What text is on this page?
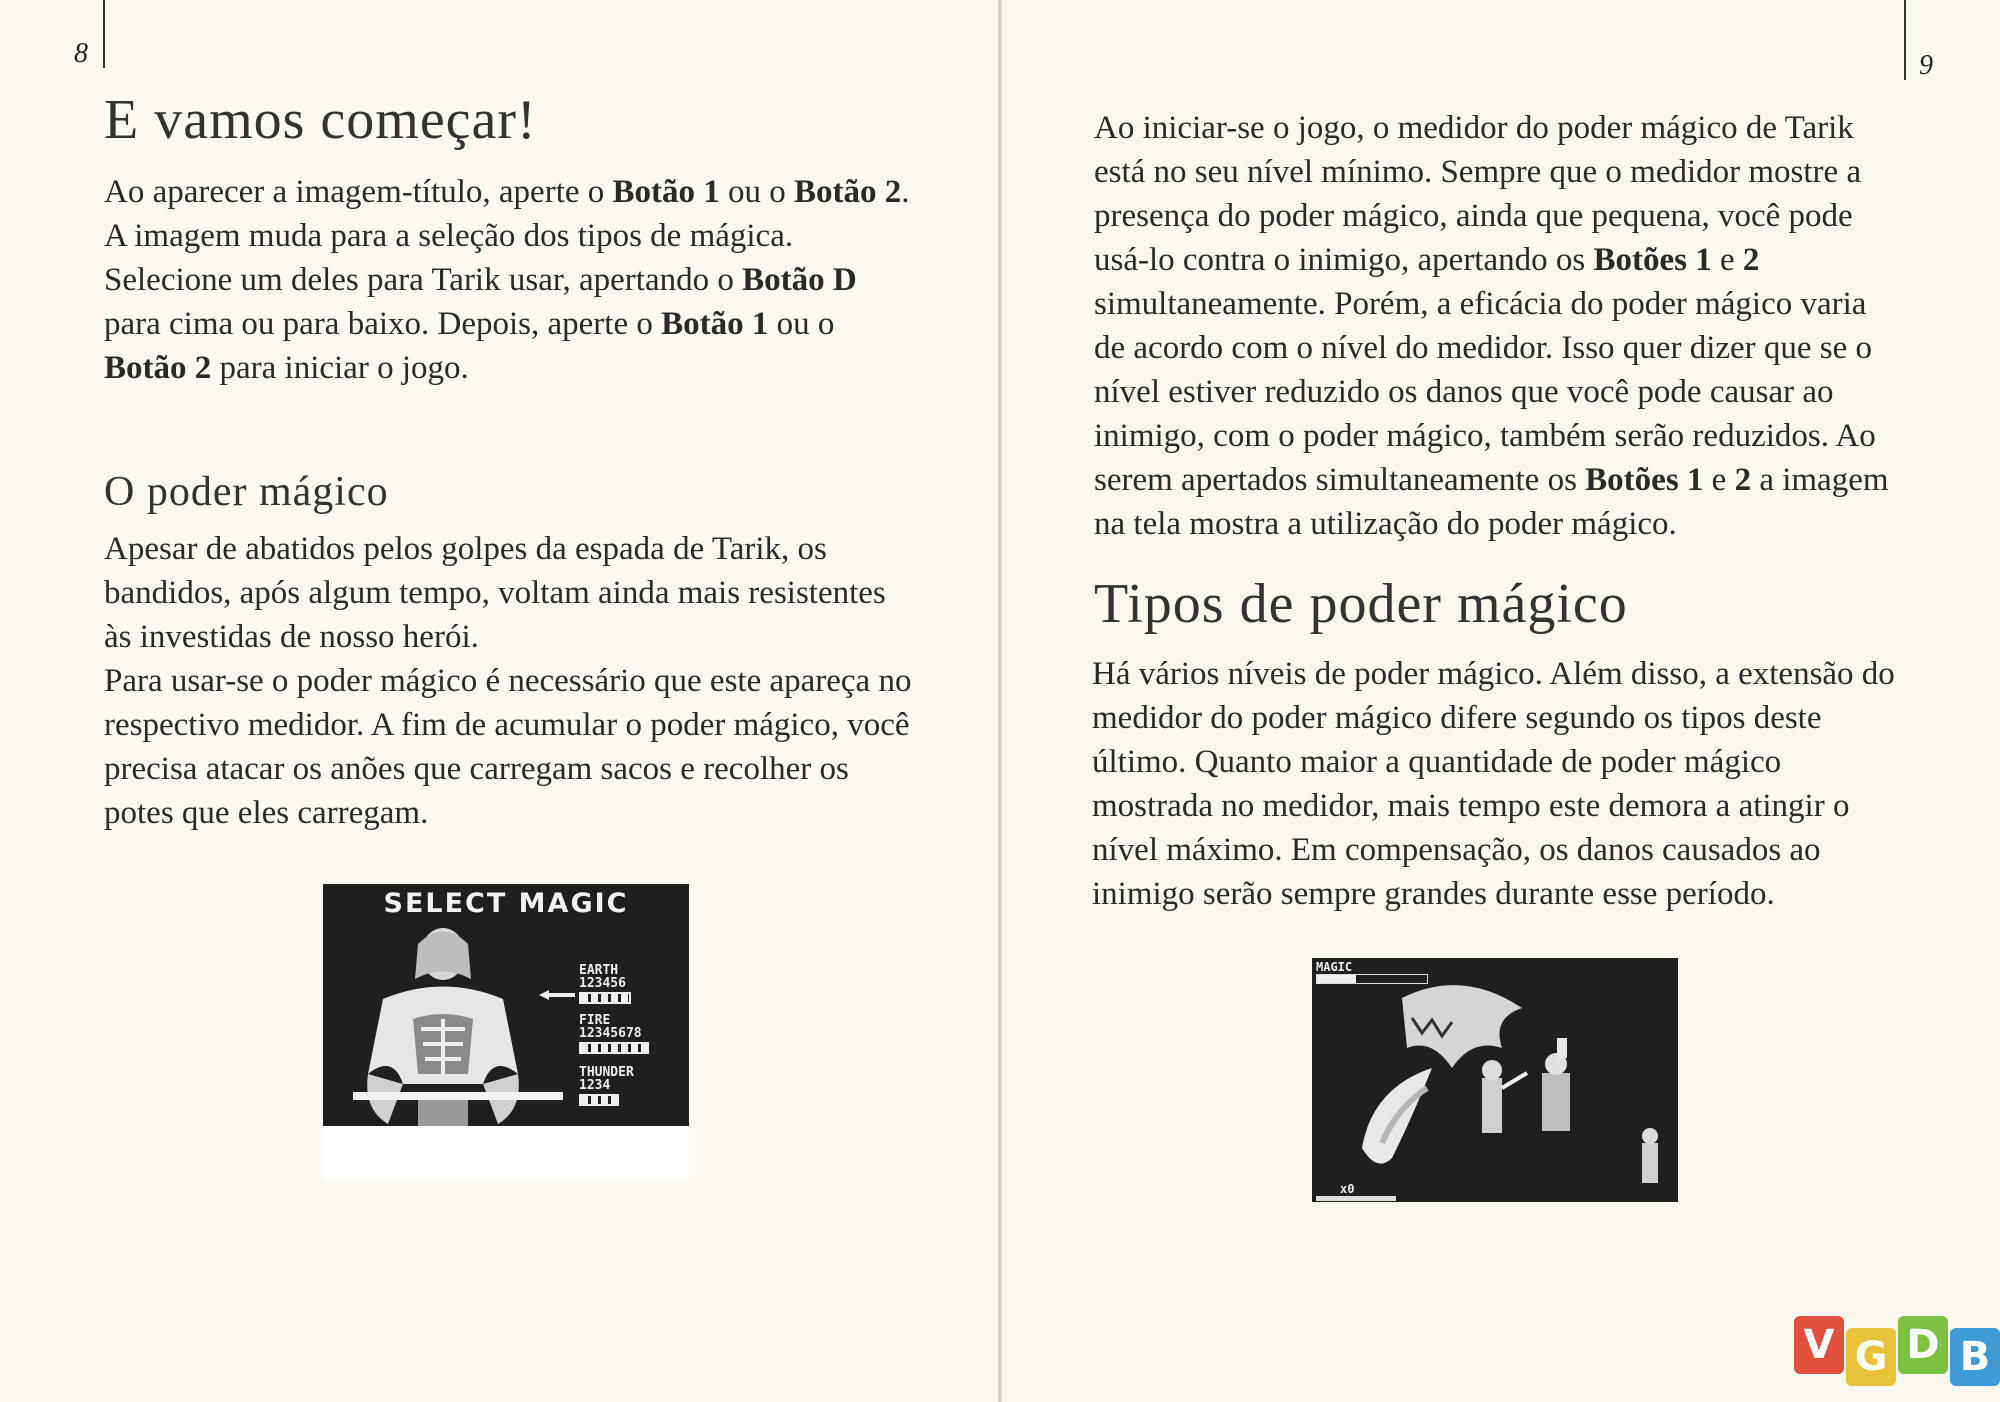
8
E vamos começar!

Ao aparecer a imagem-título, aperte o Botão 1 ou o Botão 2. A imagem muda para a seleção dos tipos de mágica. Selecione um deles para Tarik usar, apertando o Botão D para cima ou para baixo. Depois, aperte o Botão 1 ou o Botão 2 para iniciar o jogo.

O poder mágico

Apesar de abatidos pelos golpes da espada de Tarik, os bandidos, após algum tempo, voltam ainda mais resistentes às investidas de nosso herói.

Para usar-se o poder mágico é necessário que este apareça no respectivo medidor. A fim de acumular o poder mágico, você precisa atacar os anões que carregam sacos e recolher os potes que eles carregam.

SELECT MAGIC
EARTH
123456
FIRE
12345678
THUNDER
1234
9

Ao iniciar-se o jogo, o medidor do poder mágico de Tarik está no seu nível mínimo. Sempre que o medidor mostre a presença do poder mágico, ainda que pequena, você pode usá-lo contra o inimigo, apertando os Botões 1 e 2 simultaneamente. Porém, a eficácia do poder mágico varia de acordo com o nível do medidor. Isso quer dizer que se o nível estiver reduzido os danos que você pode causar ao inimigo, com o poder mágico, também serão reduzidos. Ao serem apertados simultaneamente os Botões 1 e 2 a imagem na tela mostra a utilização do poder mágico.

Tipos de poder mágico

Há vários níveis de poder mágico. Além disso, a extensão do medidor do poder mágico difere segundo os tipos deste último. Quanto maior a quantidade de poder mágico mostrada no medidor, mais tempo este demora a atingir o nível máximo. Em compensação, os danos causados ao inimigo serão sempre grandes durante esse período.

MAGIC
x0
V G D B
